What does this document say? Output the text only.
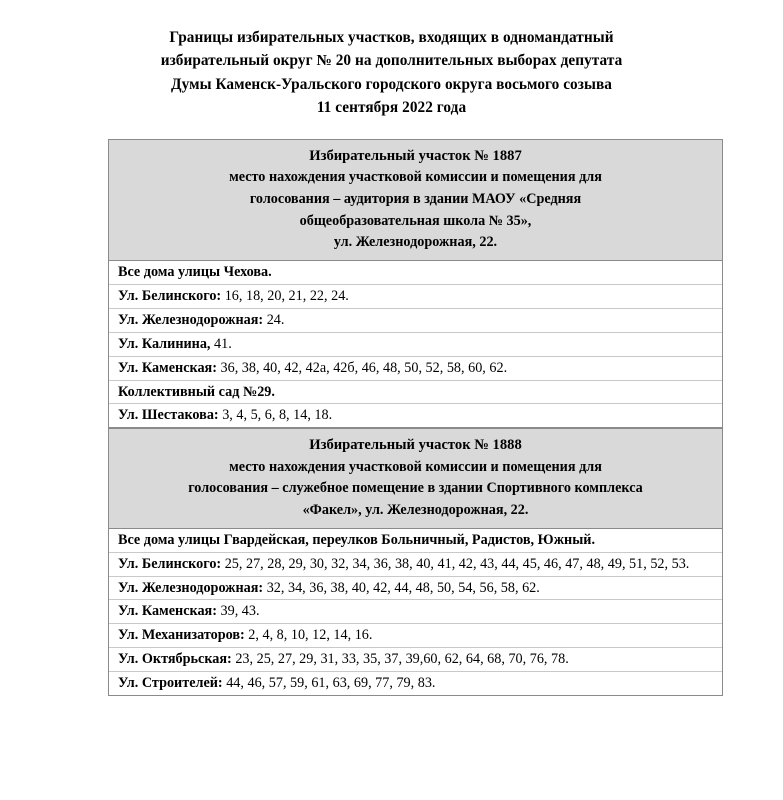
Границы избирательных участков, входящих в одномандатный
избирательный округ № 20 на дополнительных выборах депутата
Думы Каменск-Уральского городского округа восьмого созыва
11 сентября 2022 года
Избирательный участок № 1887
место нахождения участковой комиссии и помещения для
голосования – аудитория в здании МАОУ «Средняя
общеобразовательная школа № 35»,
ул. Железнодорожная, 22.

Все дома улицы Чехова.
Ул. Белинского: 16, 18, 20, 21, 22, 24.
Ул. Железнодорожная: 24.
Ул. Калинина, 41.
Ул. Каменская: 36, 38, 40, 42, 42а, 42б, 46, 48, 50, 52, 58, 60, 62.
Коллективный сад №29.
Ул. Шестакова: 3, 4, 5, 6, 8, 14, 18.
Избирательный участок № 1888
место нахождения участковой комиссии и помещения для
голосования – служебное помещение в здании Спортивного комплекса
«Факел», ул. Железнодорожная, 22.

Все дома улицы Гвардейская, переулков Больничный, Радистов, Южный.
Ул. Белинского: 25, 27, 28, 29, 30, 32, 34, 36, 38, 40, 41, 42, 43, 44, 45, 46, 47, 48, 49, 51, 52, 53.
Ул. Железнодорожная: 32, 34, 36, 38, 40, 42, 44, 48, 50, 54, 56, 58, 62.
Ул. Каменская: 39, 43.
Ул. Механизаторов: 2, 4, 8, 10, 12, 14, 16.
Ул. Октябрьская: 23, 25, 27, 29, 31, 33, 35, 37, 39,60, 62, 64, 68, 70, 76, 78.
Ул. Строителей: 44, 46, 57, 59, 61, 63, 69, 77, 79, 83.
